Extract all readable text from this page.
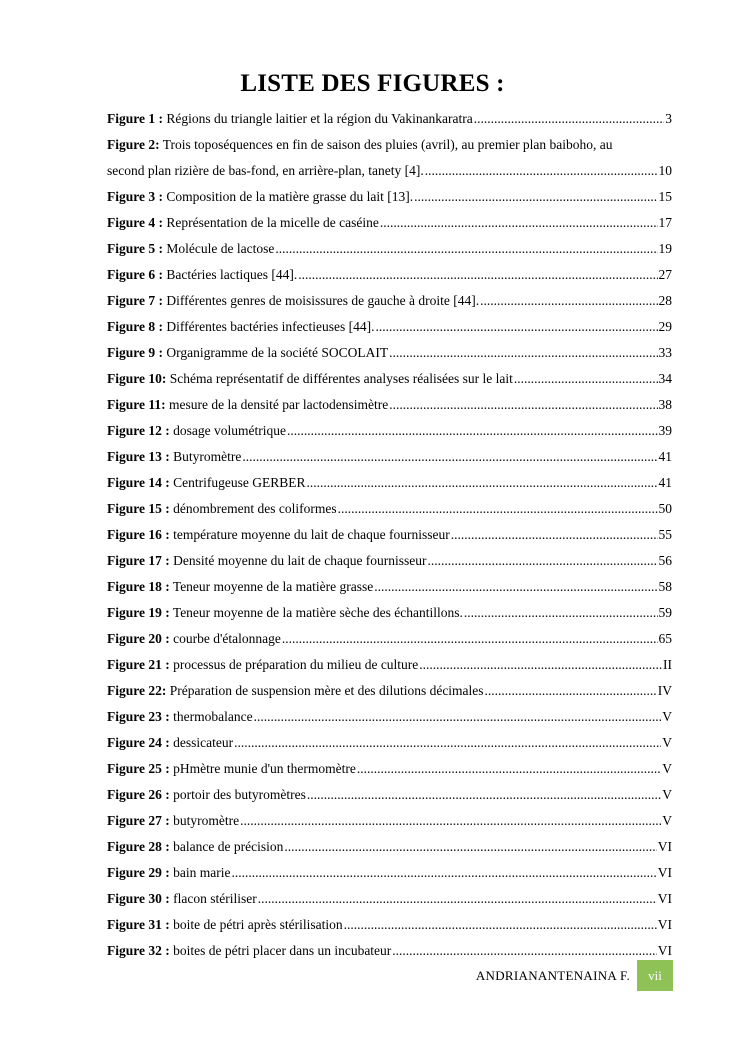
LISTE DES FIGURES :
Figure 1 : Régions du triangle laitier et la région du Vakinankaratra .....	3
Figure 2: Trois toposéquences en fin de saison des pluies (avril), au premier plan baiboho, au
second plan rizière de bas-fond, en arrière-plan, tanety [4]. .....	10
Figure 3 : Composition de la matière grasse du lait [13]. .....	15
Figure 4 : Représentation de la micelle de caséine .....	17
Figure 5 : Molécule de lactose .....	19
Figure 6 : Bactéries lactiques [44]. .....	27
Figure 7 : Différentes genres de moisissures de gauche à droite [44]. .....	28
Figure 8 : Différentes bactéries infectieuses [44]. .....	29
Figure 9 : Organigramme de la société SOCOLAIT .....	33
Figure 10: Schéma représentatif de différentes analyses réalisées sur le lait .....	34
Figure 11: mesure de la densité par lactodensimètre .....	38
Figure 12 : dosage volumétrique .....	39
Figure 13 : Butyromètre .....	41
Figure 14 : Centrifugeuse GERBER .....	41
Figure 15 : dénombrement des coliformes .....	50
Figure 16 : température moyenne du lait de chaque fournisseur .....	55
Figure 17 : Densité moyenne du lait de chaque fournisseur .....	56
Figure 18 : Teneur moyenne de la matière grasse .....	58
Figure 19 : Teneur moyenne de la matière sèche des échantillons. .....	59
Figure 20 : courbe d'étalonnage .....	65
Figure 21 : processus de préparation du milieu de culture .....	II
Figure 22: Préparation de suspension mère et des dilutions décimales .....	IV
Figure 23 : thermobalance .....	V
Figure 24 : dessicateur .....	V
Figure 25 : pHmètre munie d'un thermomètre .....	V
Figure 26 : portoir des butyromètres .....	V
Figure 27 : butyromètre .....	V
Figure 28 : balance de précision .....	VI
Figure 29 : bain marie .....	VI
Figure 30 : flacon stériliser .....	VI
Figure 31 : boite de pétri après stérilisation .....	VI
Figure 32 : boites de pétri placer dans un incubateur .....	VI
ANDRIANANTENAINA F. vii
